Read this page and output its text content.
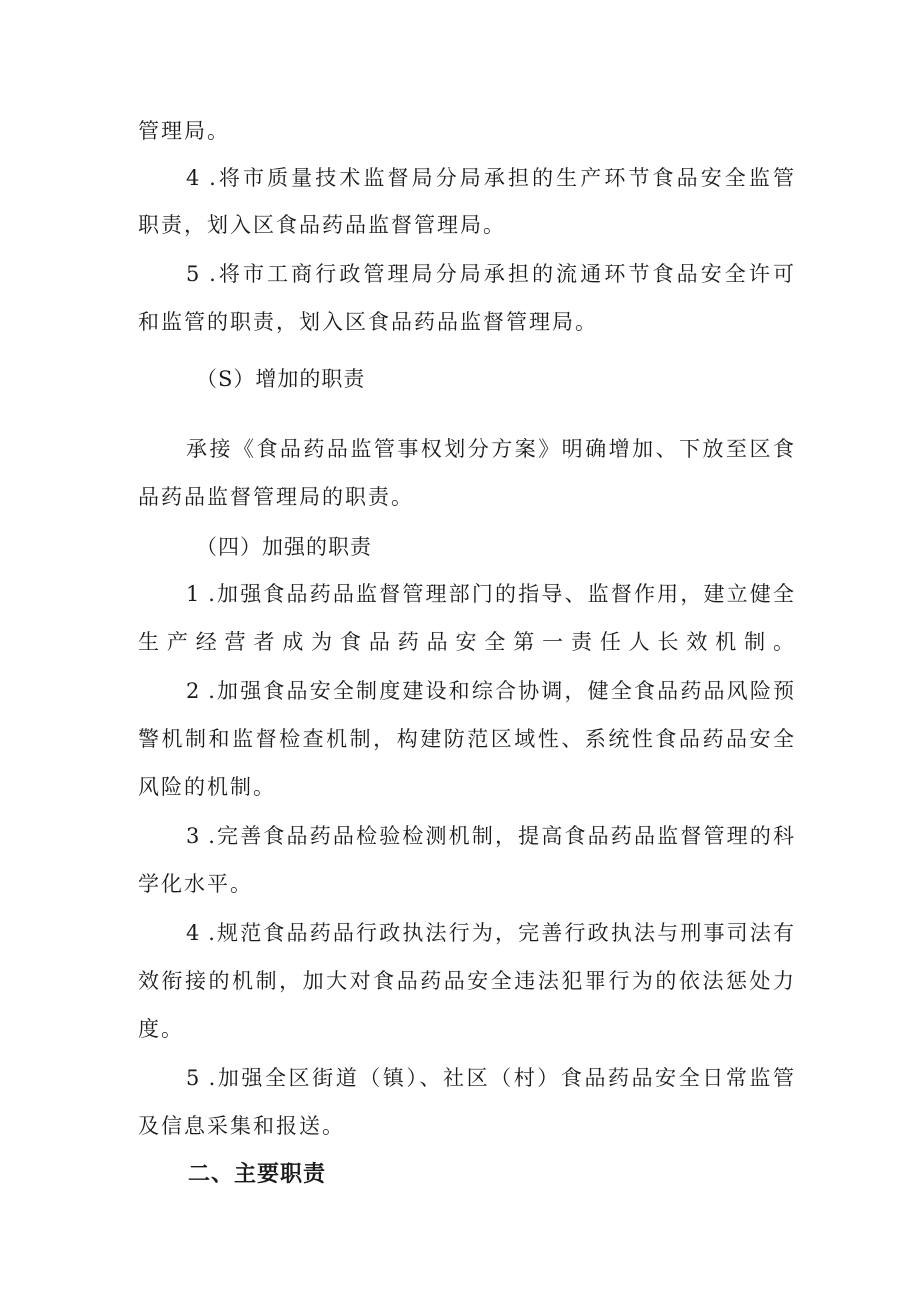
管理局。
4 .将市质量技术监督局分局承担的生产环节食品安全监管
职责，划入区食品药品监督管理局。
5 .将市工商行政管理局分局承担的流通环节食品安全许可
和监管的职责，划入区食品药品监督管理局。
（S）增加的职责
承接《食品药品监管事权划分方案》明确增加、下放至区食
品药品监督管理局的职责。
（四）加强的职责
1 .加强食品药品监督管理部门的指导、监督作用，建立健全
生产经营者成为食品药品安全第一责任人长效机制。
2 .加强食品安全制度建设和综合协调，健全食品药品风险预
警机制和监督检查机制，构建防范区域性、系统性食品药品安全
风险的机制。
3 .完善食品药品检验检测机制，提高食品药品监督管理的科
学化水平。
4 .规范食品药品行政执法行为，完善行政执法与刑事司法有
效衔接的机制，加大对食品药品安全违法犯罪行为的依法惩处力
度。
5 .加强全区街道（镇）、社区（村）食品药品安全日常监管
及信息采集和报送。
二、主要职责
